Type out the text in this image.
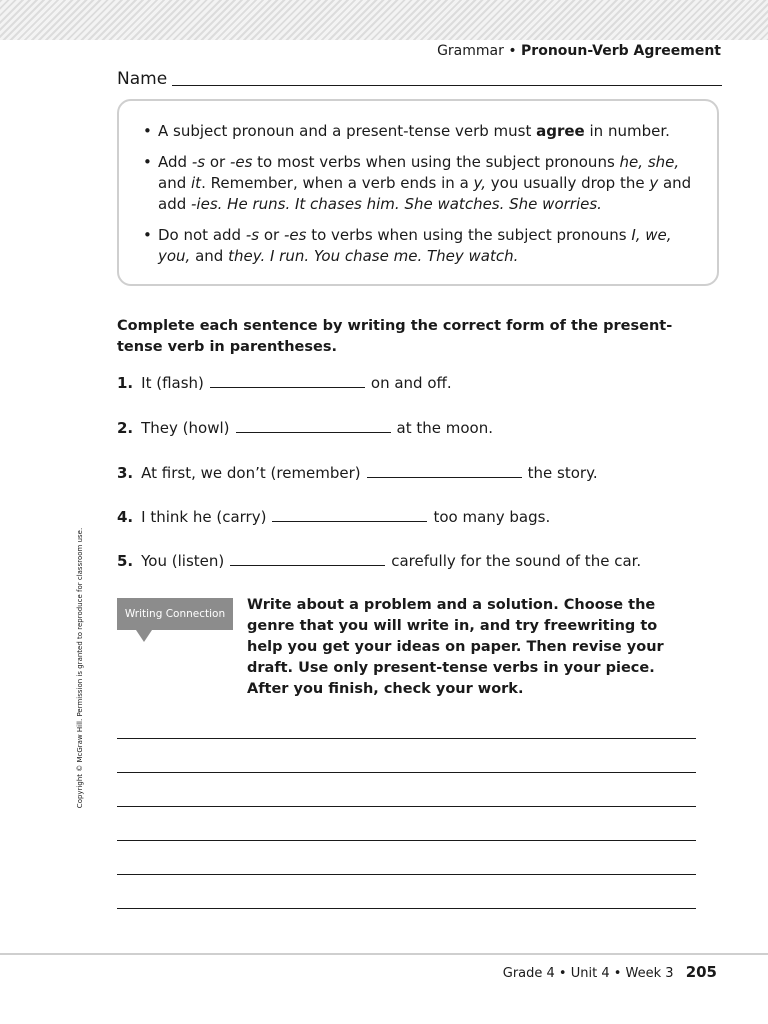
Grammar • Pronoun-Verb Agreement
Name
• A subject pronoun and a present-tense verb must agree in number.
• Add -s or -es to most verbs when using the subject pronouns he, she, and it. Remember, when a verb ends in a y, you usually drop the y and add -ies. He runs. It chases him. She watches. She worries.
• Do not add -s or -es to verbs when using the subject pronouns I, we, you, and they. I run. You chase me. They watch.
Complete each sentence by writing the correct form of the present-tense verb in parentheses.
1. It (flash)	on and off.
2. They (howl)	at the moon.
3. At first, we don’t (remember)	the story.
4. I think he (carry)	too many bags.
5. You (listen)	carefully for the sound of the car.
Writing Connection
Write about a problem and a solution. Choose the genre that you will write in, and try freewriting to help you get your ideas on paper. Then revise your draft. Use only present-tense verbs in your piece. After you finish, check your work.
Copyright © McGraw Hill. Permission is granted to reproduce for classroom use.
Grade 4 • Unit 4 • Week 3 205
